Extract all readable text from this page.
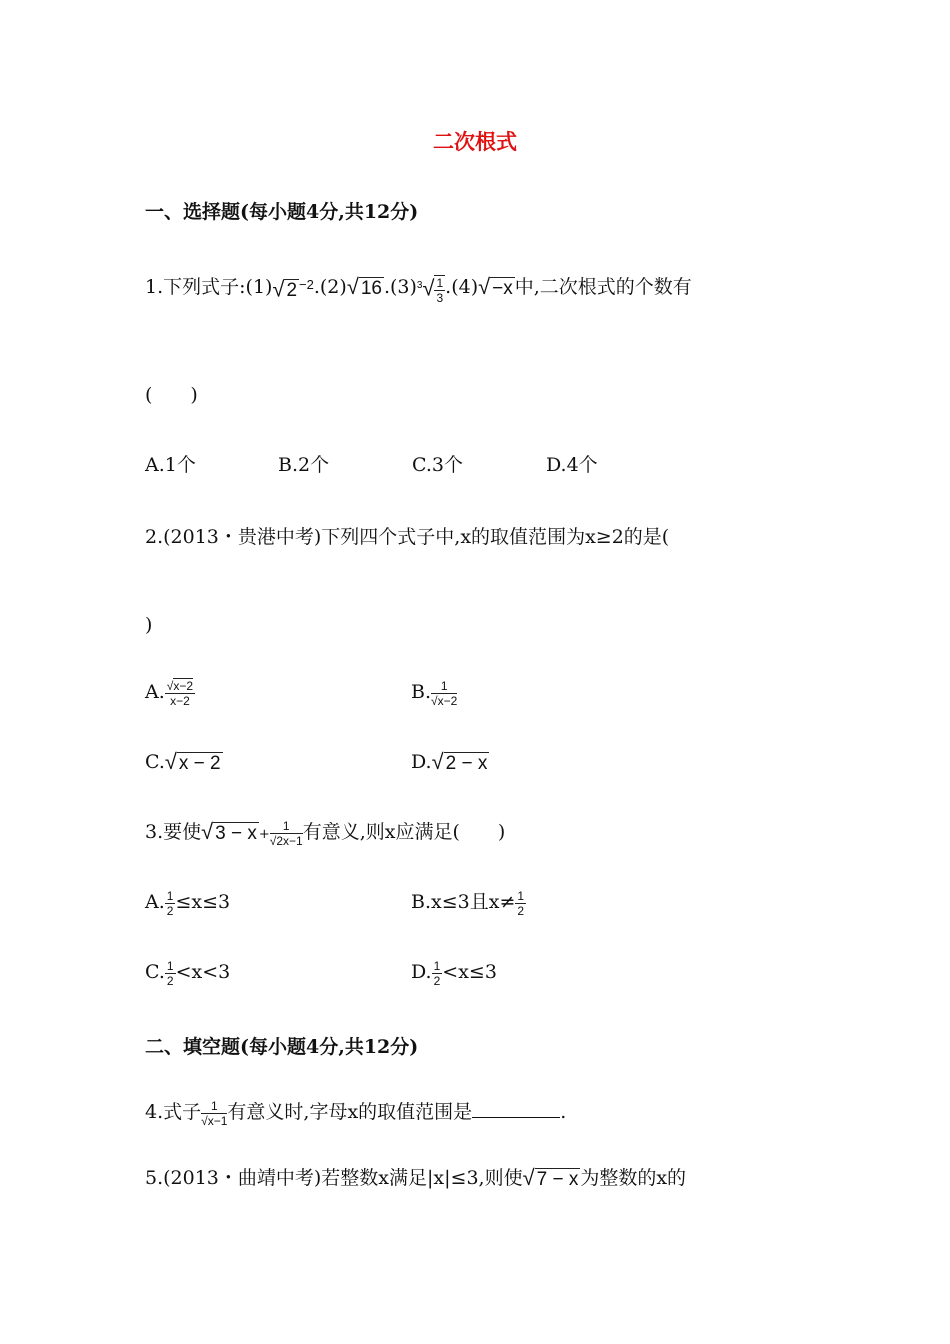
二次根式
一、选择题(每小题4分,共12分)
1.下列式子:(1)√ 2 $^{-2}$.(2)√ 16 $.(3)^3√ \frac{1}{3} .(4)√ -x$ 中,二次根式的个数有
(　　)
A.1个	B.2个	C.3个	D.4个
2.(2013・贵港中考)下列四个式子中,x的取值范围为x≥2的是(
)
A. $\frac{√x-2}{x-2}$	B. $\frac{1}{√x-2}$
C.√ x − 2	D.√ 2 − x
3.要使√ $3 - x + \frac{1}{√2x-1}$ 有意义,则x应满足(　　)
A. $\frac{1}{2} \le x\le 3$	B.x≤3且$x\ne \frac{1}{2}$
C. $\frac{1}{2} <x<3$	D. $\frac{1}{2} <x\le 3$
二、填空题(每小题4分,共12分)
4.式子 $\frac{1}{√x-1}$ 有意义时,字母x的取值范围是	.
5.(2013・曲靖中考)若整数x满足|x|≤3,则使√ 7 − x 为整数的x的
